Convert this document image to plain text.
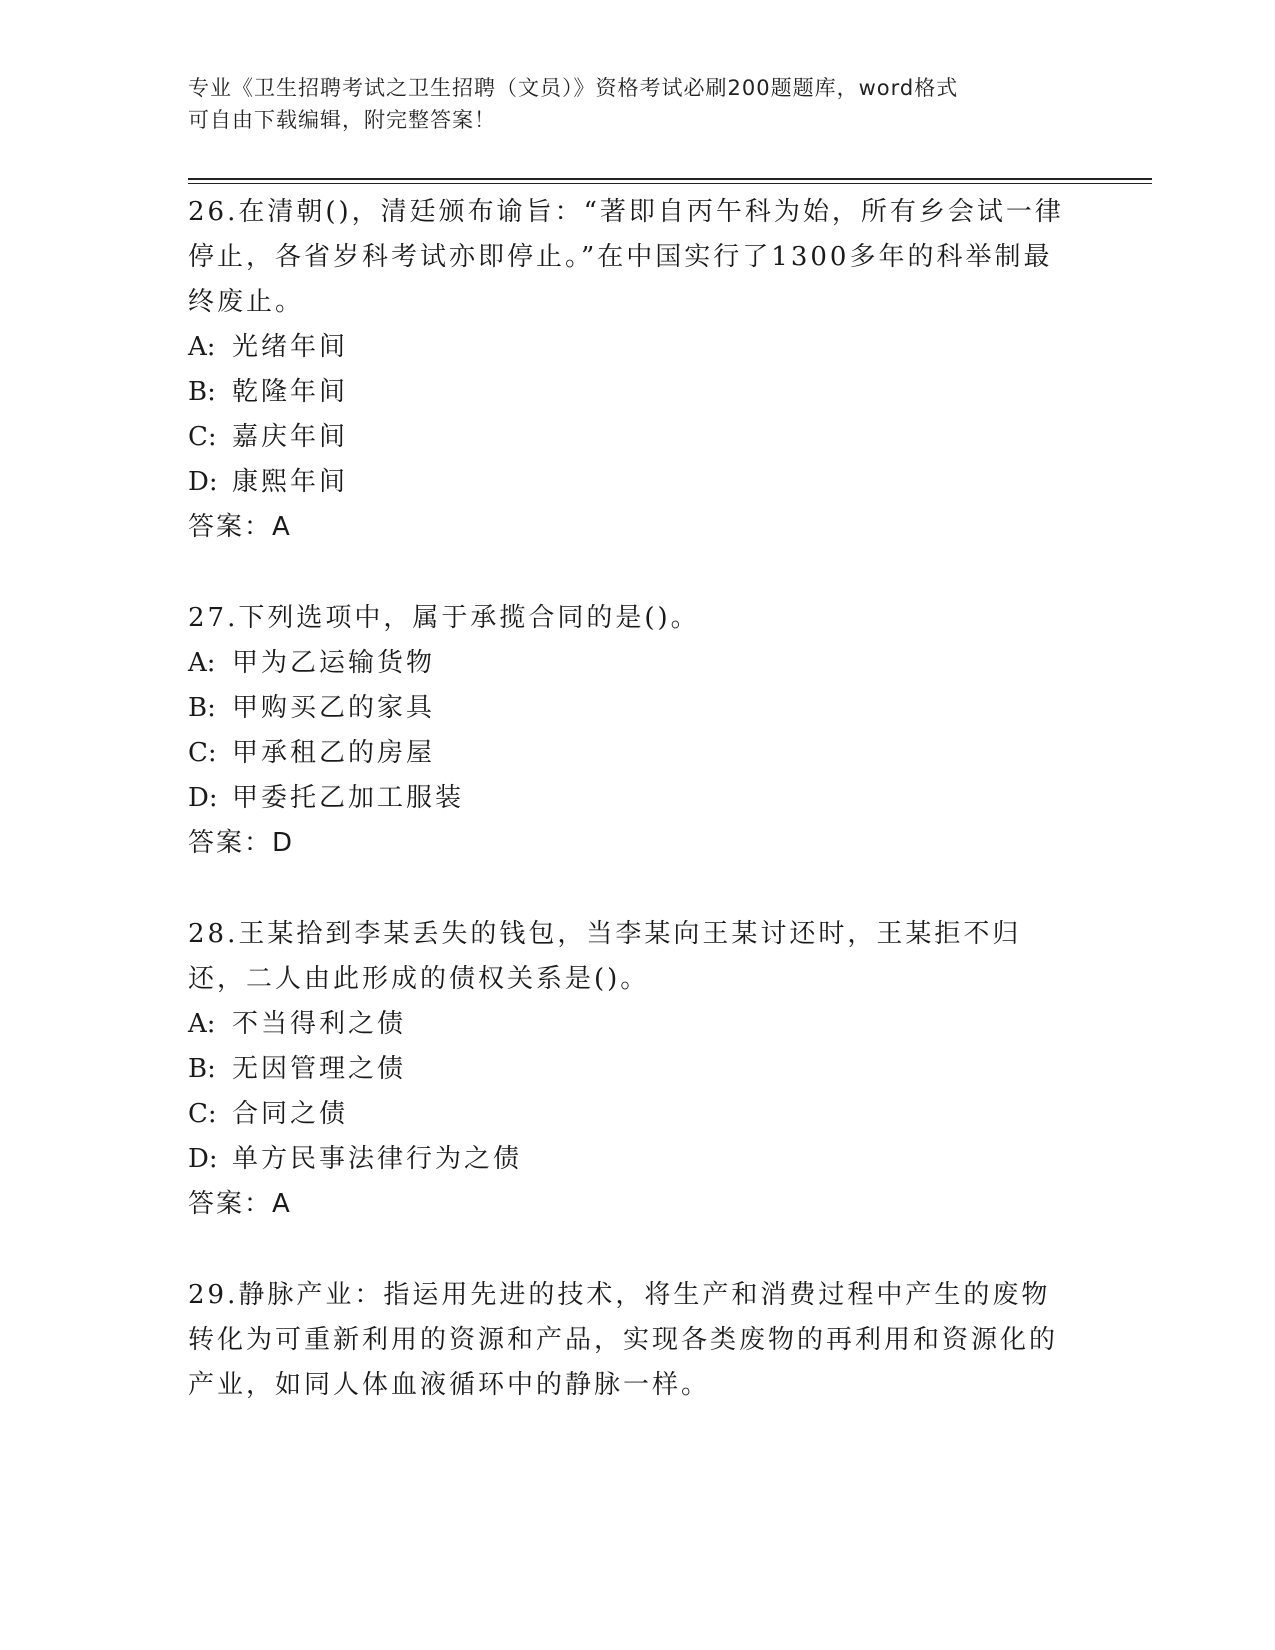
专业《卫生招聘考试之卫生招聘（文员）》资格考试必刷200题题库，word格式
可自由下载编辑，附完整答案！

26.在清朝()，清廷颁布谕旨：“著即自丙午科为始，所有乡会试一律停止，各省岁科考试亦即停止。”在中国实行了1300多年的科举制最终废止。

A: 光绪年间

B: 乾隆年间

C: 嘉庆年间

D: 康熙年间

答案：A

27.下列选项中，属于承揽合同的是()。

A: 甲为乙运输货物

B: 甲购买乙的家具

C: 甲承租乙的房屋

D: 甲委托乙加工服装

答案：D

28.王某拾到李某丢失的钱包，当李某向王某讨还时，王某拒不归还，二人由此形成的债权关系是()。

A: 不当得利之债

B: 无因管理之债

C: 合同之债

D: 单方民事法律行为之债

答案：A

29.静脉产业：指运用先进的技术，将生产和消费过程中产生的废物转化为可重新利用的资源和产品，实现各类废物的再利用和资源化的产业，如同人体血液循环中的静脉一样。
